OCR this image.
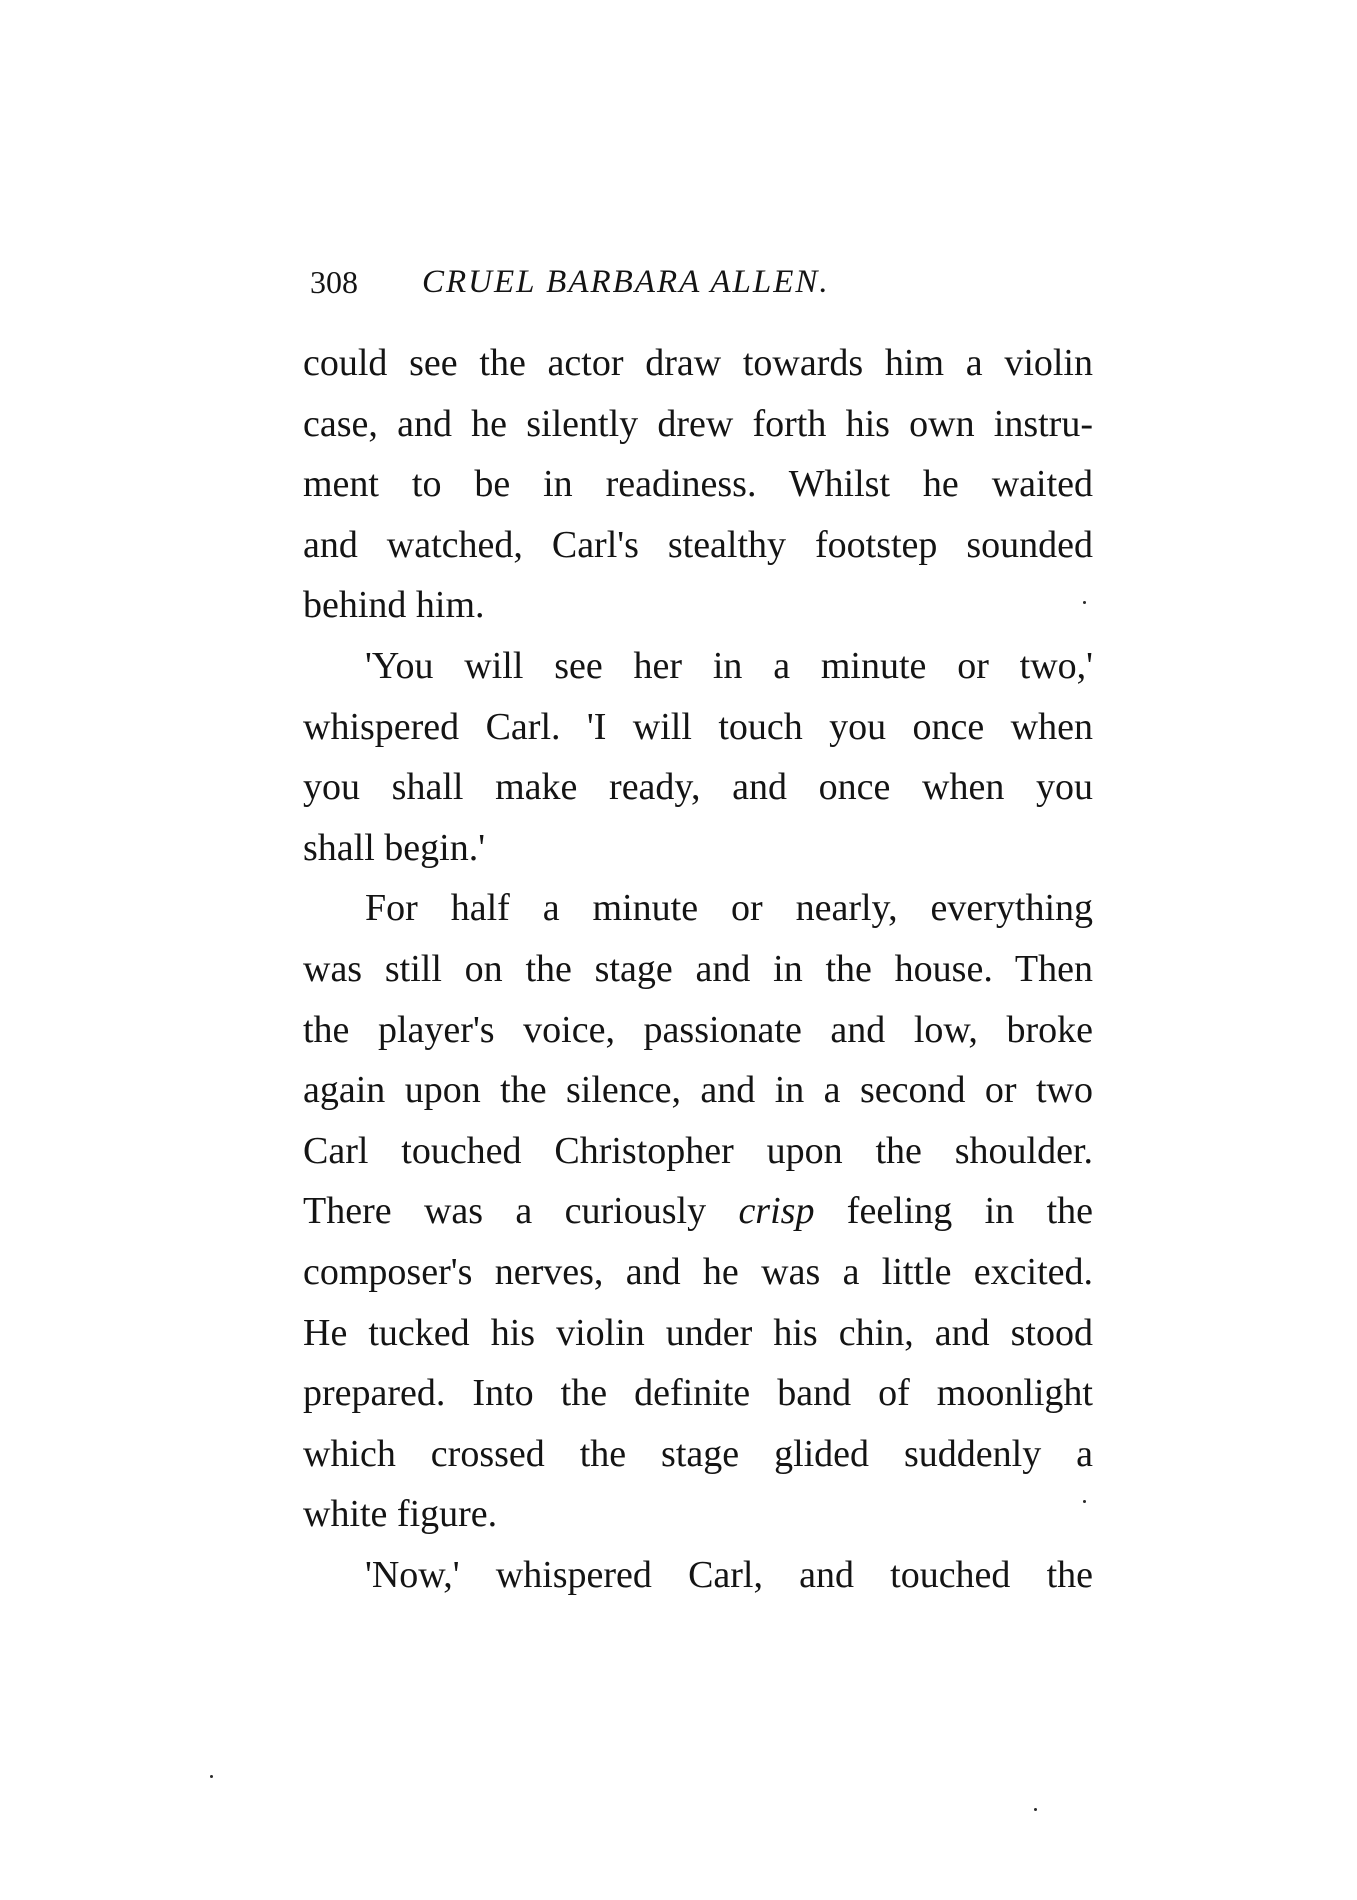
308 CRUEL BARBARA ALLEN.
could see the actor draw towards him a violin
case, and he silently drew forth his own instru-
ment to be in readiness. Whilst he waited
and watched, Carl's stealthy footstep sounded
behind him.
'You will see her in a minute or two,'
whispered Carl. 'I will touch you once when
you shall make ready, and once when you
shall begin.'
For half a minute or nearly, everything
was still on the stage and in the house. Then
the player's voice, passionate and low, broke
again upon the silence, and in a second or two
Carl touched Christopher upon the shoulder.
There was a curiously crisp feeling in the
composer's nerves, and he was a little excited.
He tucked his violin under his chin, and stood
prepared. Into the definite band of moonlight
which crossed the stage glided suddenly a
white figure.
'Now,' whispered Carl, and touched the
